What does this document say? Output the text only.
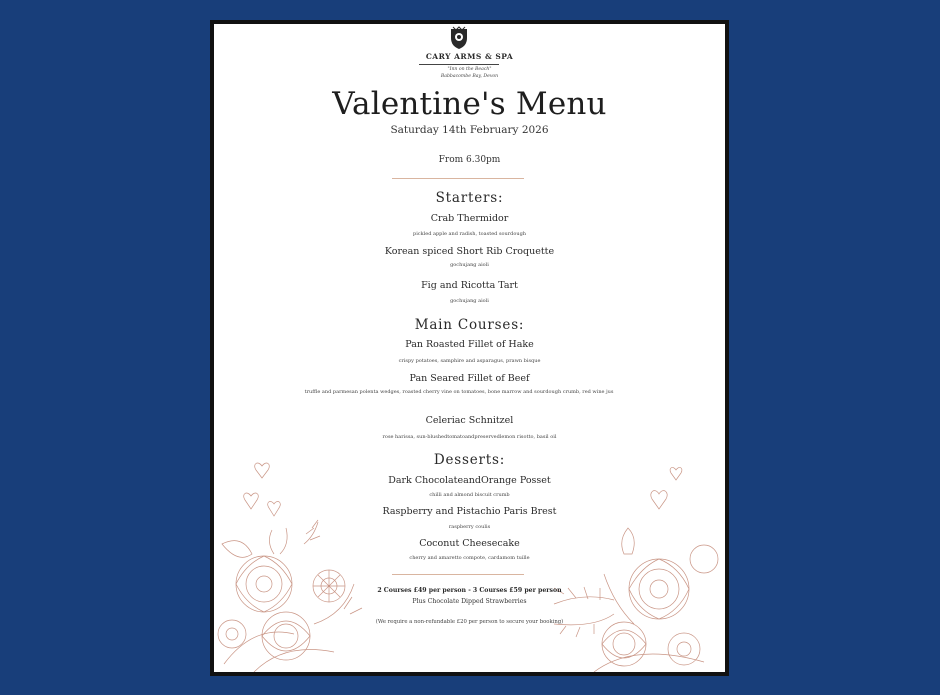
CARY ARMS & SPA
"Inn on the Beach"
Babbacombe Bay, Devon
Valentine's Menu
Saturday 14th February 2026
From 6.30pm
Starters:
Crab Thermidor
pickled apple and radish, toasted sourdough
Korean spiced Short Rib Croquette
gochujang aioli
Fig and Ricotta Tart
gochujang aioli
Main Courses:
Pan Roasted Fillet of Hake
crispy potatoes, samphire and asparagus, prawn bisque
Pan Seared Fillet of Beef
truffle and parmesan polenta wedges, roasted cherry vine on tomatoes, bone marrow and sourdough crumb, red wine jus
Celeriac Schnitzel
rose harissa, sun-blushedtomatoandpreservedlemon risotto, basil oil
Desserts:
Dark ChocolateandOrange Posset
chilli and almond biscuit crumb
Raspberry and Pistachio Paris Brest
raspberry coulis
Coconut Cheesecake
cherry and amaretto compote, cardamom tuille
2 Courses £49 per person - 3 Courses £59 per person
Plus Chocolate Dipped Strawberries
(We require a non-refundable £20 per person to secure your booking)
